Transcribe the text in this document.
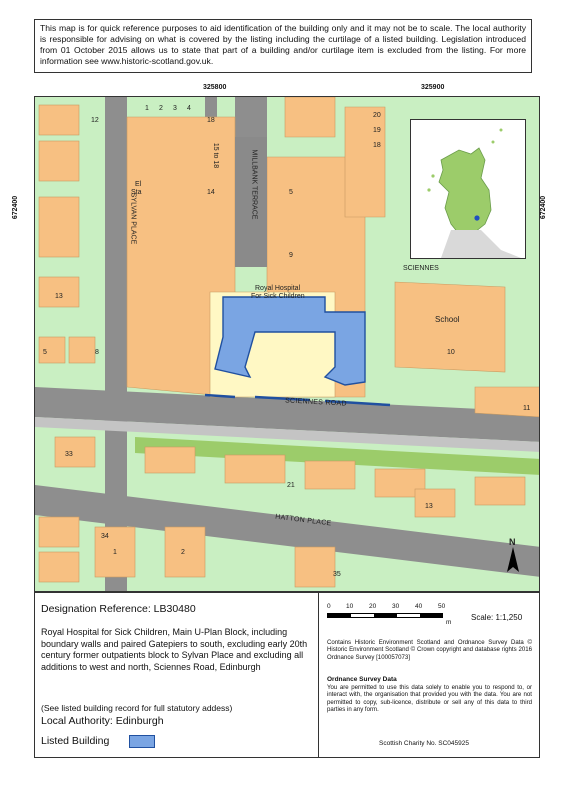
This map is for quick reference purposes to aid identification of the building only and it may not be to scale. The local authority is responsible for advising on what is covered by the listing including the curtilage of a listed building. Legislation introduced from 01 October 2015 allows us to state that part of a building and/or curtilage item is excluded from the listing. For more information see www.historic-scotland.gov.uk.
325800	325900
672400	672400
SYLVAN PLACE	MILLBANK TERRACE
SCIENNES ROAD
HATTON PLACE
SCIENNES
School
Royal Hospital
For Sick Children
El
Sta
1 2 3 4
15 to 18
14
18
20
19
18
5
9
12
13
5	8	10
11
33
21
13
34
1	2
35
N
Designation Reference: LB30480
Royal Hospital for Sick Children, Main U-Plan Block, including boundary walls and paired Gatepiers to south, excluding early 20th century former outpatients block to Sylvan Place and excluding all additions to west and north, Sciennes Road, Edinburgh
(See listed building record for full statutory addess)
Local Authority: Edinburgh
Listed Building
0 10 20 30 40 50
m
Scale: 1:1,250
Contains Historic Environment Scotland and Ordnance Survey Data © Historic Environment Scotland © Crown copyright and database rights 2016 Ordnance Survey [100057073]
Ordnance Survey Data
You are permitted to use this data solely to enable you to respond to, or interact with, the organisation that provided you with the data. You are not permitted to copy, sub-licence, distribute or sell any of this data to third parties in any form.
Scottish Charity No. SC045925
